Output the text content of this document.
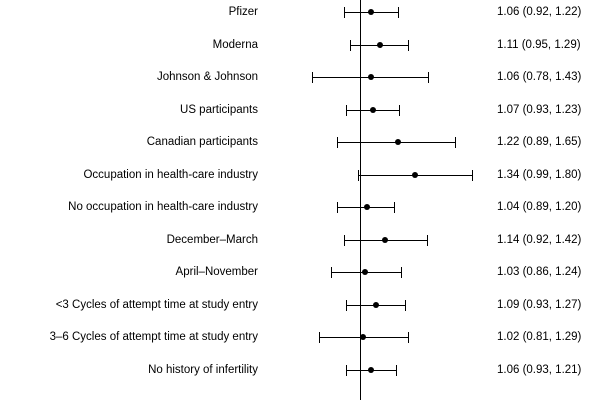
Pfizer	1.06 (0.92, 1.22)
Moderna	1.11 (0.95, 1.29)
Johnson & Johnson	1.06 (0.78, 1.43)
US participants	1.07 (0.93, 1.23)
Canadian participants	1.22 (0.89, 1.65)
Occupation in health-care industry	1.34 (0.99, 1.80)
No occupation in health-care industry	1.04 (0.89, 1.20)
December–March	1.14 (0.92, 1.42)
April–November	1.03 (0.86, 1.24)
<3 Cycles of attempt time at study entry	1.09 (0.93, 1.27)
3–6 Cycles of attempt time at study entry	1.02 (0.81, 1.29)
No history of infertility	1.06 (0.93, 1.21)
